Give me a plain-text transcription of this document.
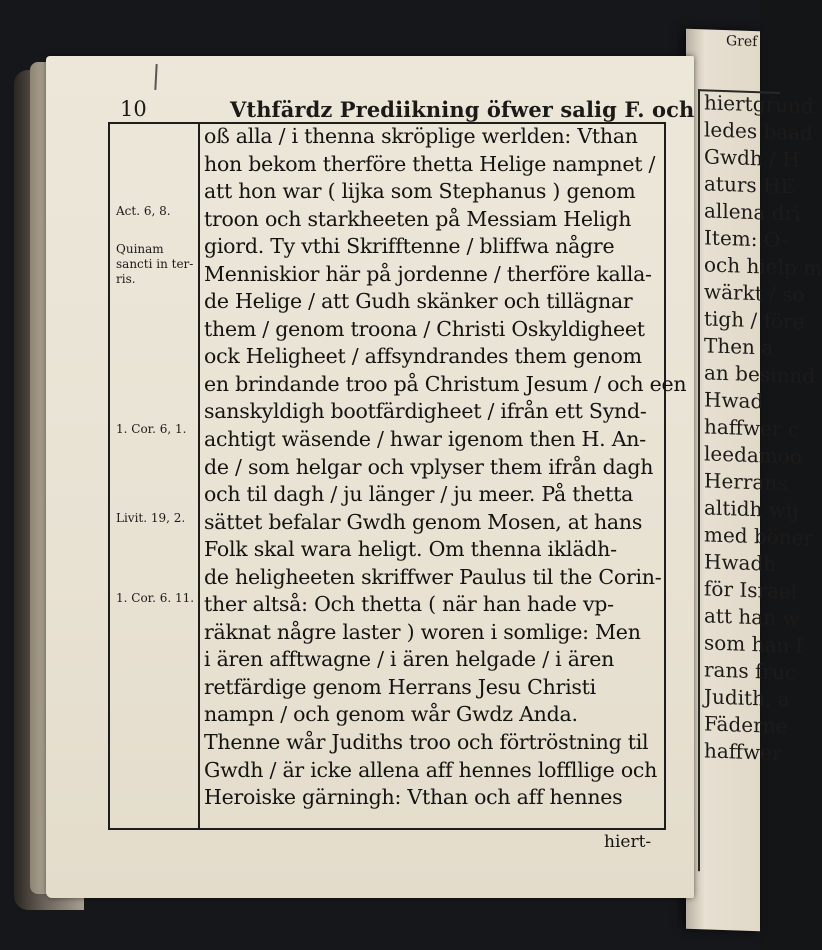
Gref
hiertgrund
ledes baad
Gwdh / H
aturs HE
allena dri
Item: O-
och hielp m
wärkt / so
tigh / före
Then a
an besinnd
Hwad
haffwer c
leedamoo
Herrans
altidh wij
med böner
Hwadh
för Israel
att han w
som han f
rans fruc
Judith, a
Fäderne
haffwer
10	Vthfärdz Prediikning öfwer salig F. och
Act. 6, 8.
Quinam
sancti in ter-
ris.
1. Cor. 6, 1.
Livit. 19, 2.
1. Cor. 6. 11.
oß alla / i thenna skröplige werlden: Vthan
hon bekom therföre thetta Helige nampnet /
att hon war ( lijka som Stephanus ) genom
troon och starkheeten på Messiam Heligh
giord. Ty vthi Skrifftenne / bliffwa någre
Menniskior här på jordenne / therföre kalla-
de Helige / att Gudh skänker och tillägnar
them / genom troona / Christi Oskyldigheet
ock Heligheet / affsyndrandes them genom
en brindande troo på Christum Jesum / och een
sanskyldigh bootfärdigheet / ifrån ett Synd-
achtigt wäsende / hwar igenom then H. An-
de / som helgar och vplyser them ifrån dagh
och til dagh / ju länger / ju meer. På thetta
sättet befalar Gwdh genom Mosen, at hans
Folk skal wara heligt. Om thenna iklädh-
de heligheeten skriffwer Paulus til the Corin-
ther altså: Och thetta ( när han hade vp-
räknat någre laster ) woren i somlige: Men
i ären afftwagne / i ären helgade / i ären
retfärdige genom Herrans Jesu Christi
nampn / och genom wår Gwdz Anda.
Thenne wår Judiths troo och förtröstning til
Gwdh / är icke allena aff hennes loffllige och
Heroiske gärningh: Vthan och aff hennes
hiert-
